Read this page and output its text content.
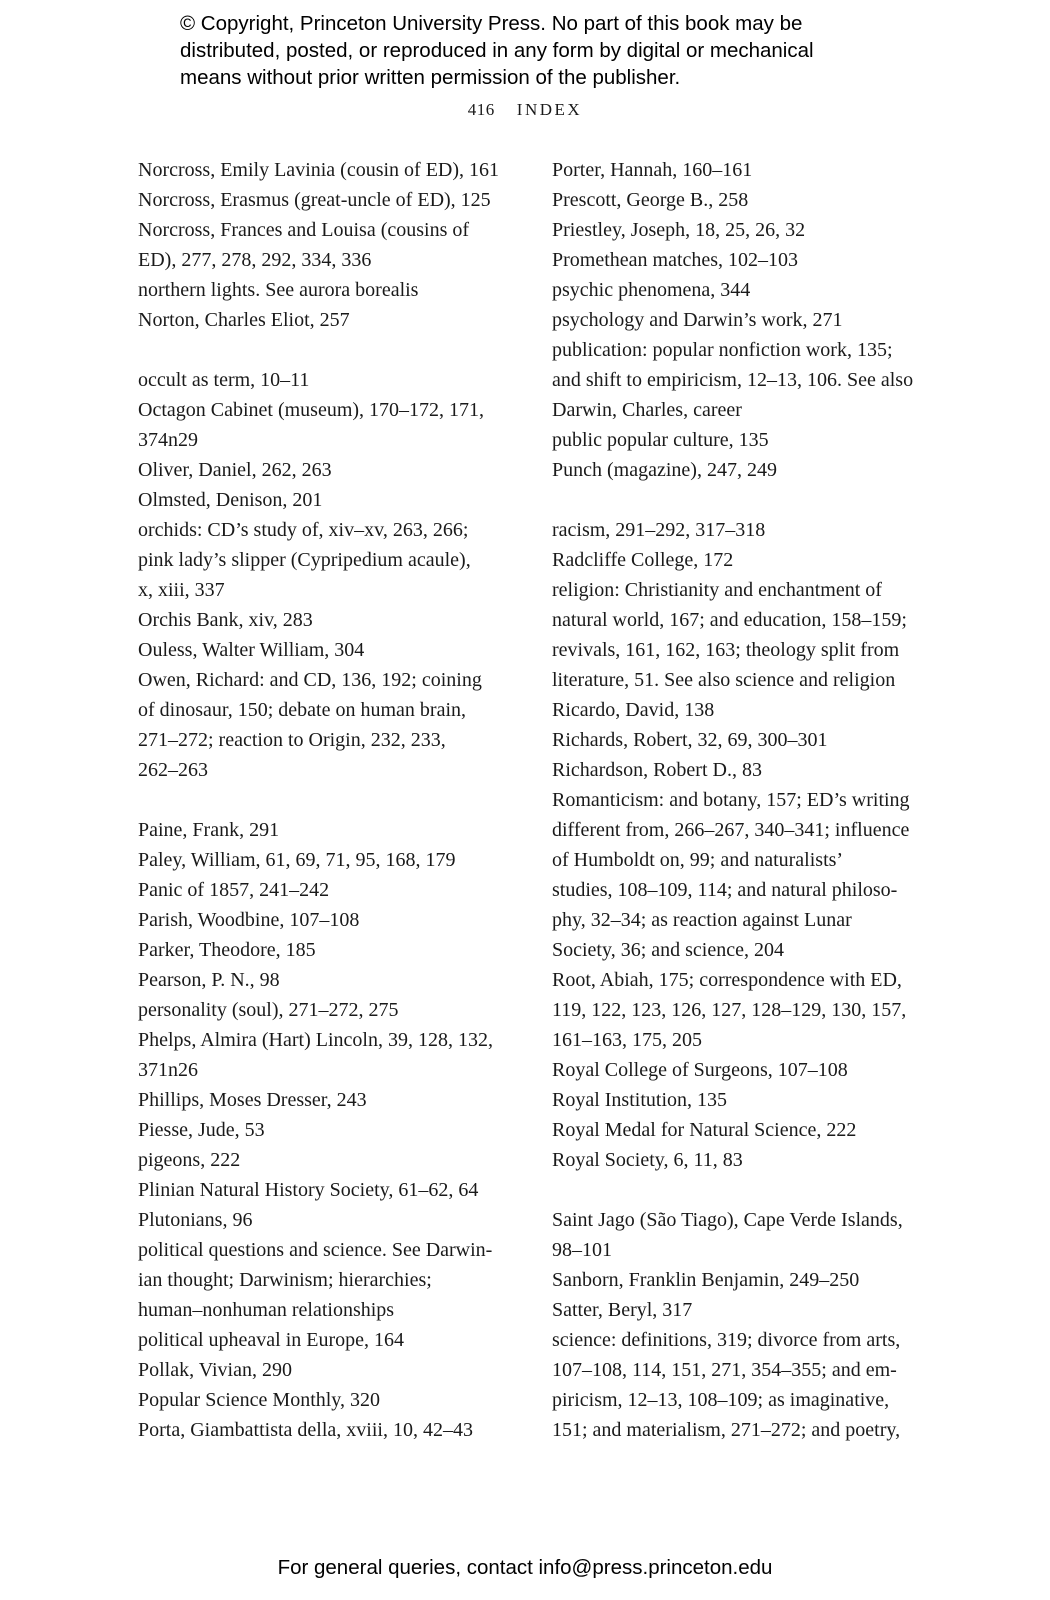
© Copyright, Princeton University Press. No part of this book may be
distributed, posted, or reproduced in any form by digital or mechanical
means without prior written permission of the publisher.
416 INDEX
Norcross, Emily Lavinia (cousin of ED), 161
Norcross, Erasmus (great-uncle of ED), 125
Norcross, Frances and Louisa (cousins of
ED), 277, 278, 292, 334, 336
northern lights. See aurora borealis
Norton, Charles Eliot, 257
occult as term, 10–11
Octagon Cabinet (museum), 170–172, 171,
374n29
Oliver, Daniel, 262, 263
Olmsted, Denison, 201
orchids: CD’s study of, xiv–xv, 263, 266;
pink lady’s slipper (Cypripedium acaule),
x, xiii, 337
Orchis Bank, xiv, 283
Ouless, Walter William, 304
Owen, Richard: and CD, 136, 192; coining
of dinosaur, 150; debate on human brain,
271–272; reaction to Origin, 232, 233,
262–263
Paine, Frank, 291
Paley, William, 61, 69, 71, 95, 168, 179
Panic of 1857, 241–242
Parish, Woodbine, 107–108
Parker, Theodore, 185
Pearson, P. N., 98
personality (soul), 271–272, 275
Phelps, Almira (Hart) Lincoln, 39, 128, 132,
371n26
Phillips, Moses Dresser, 243
Piesse, Jude, 53
pigeons, 222
Plinian Natural History Society, 61–62, 64
Plutonians, 96
political questions and science. See Darwin-
ian thought; Darwinism; hierarchies;
human–nonhuman relationships
political upheaval in Europe, 164
Pollak, Vivian, 290
Popular Science Monthly, 320
Porta, Giambattista della, xviii, 10, 42–43
Porter, Hannah, 160–161
Prescott, George B., 258
Priestley, Joseph, 18, 25, 26, 32
Promethean matches, 102–103
psychic phenomena, 344
psychology and Darwin’s work, 271
publication: popular nonfiction work, 135;
and shift to empiricism, 12–13, 106. See also
Darwin, Charles, career
public popular culture, 135
Punch (magazine), 247, 249
racism, 291–292, 317–318
Radcliffe College, 172
religion: Christianity and enchantment of
natural world, 167; and education, 158–159;
revivals, 161, 162, 163; theology split from
literature, 51. See also science and religion
Ricardo, David, 138
Richards, Robert, 32, 69, 300–301
Richardson, Robert D., 83
Romanticism: and botany, 157; ED’s writing
different from, 266–267, 340–341; influence
of Humboldt on, 99; and naturalists’
studies, 108–109, 114; and natural philoso-
phy, 32–34; as reaction against Lunar
Society, 36; and science, 204
Root, Abiah, 175; correspondence with ED,
119, 122, 123, 126, 127, 128–129, 130, 157,
161–163, 175, 205
Royal College of Surgeons, 107–108
Royal Institution, 135
Royal Medal for Natural Science, 222
Royal Society, 6, 11, 83
Saint Jago (São Tiago), Cape Verde Islands,
98–101
Sanborn, Franklin Benjamin, 249–250
Satter, Beryl, 317
science: definitions, 319; divorce from arts,
107–108, 114, 151, 271, 354–355; and em-
piricism, 12–13, 108–109; as imaginative,
151; and materialism, 271–272; and poetry,
For general queries, contact info@press.princeton.edu
